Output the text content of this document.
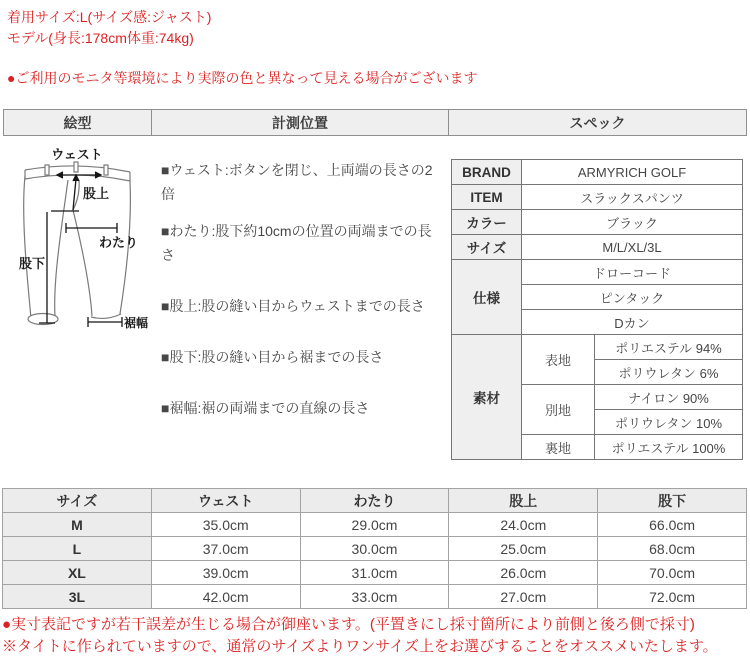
着用サイズ:L(サイズ感:ジャスト)
モデル(身長:178cm体重:74kg)
●ご利用のモニタ等環境により実際の色と異なって見える場合がございます
絵型	計測位置	スペック
ウェスト
股上
わたり
股下
裾幅

■ウェスト:ボタンを閉じ、上両端の長さの2倍

■わたり:股下約10cmの位置の両端までの長さ

■股上:股の縫い目からウェストまでの長さ

■股下:股の縫い目から裾までの長さ

■裾幅:裾の両端までの直線の長さ

BRAND	ARMYRICH GOLF	
ITEM	スラックスパンツ	
カラー	ブラック	
サイズ	M/L/XL/3L	
仕様	ドローコード	
	ピンタック	
	Dカン	
素材	表地	ポリエステル 94%
		ポリウレタン 6%
	別地	ナイロン 90%
		ポリウレタン 10%
	裏地	ポリエステル 100%
サイズ	ウェスト	わたり	股上	股下
M	35.0cm	29.0cm	24.0cm	66.0cm
L	37.0cm	30.0cm	25.0cm	68.0cm
XL	39.0cm	31.0cm	26.0cm	70.0cm
3L	42.0cm	33.0cm	27.0cm	72.0cm
●実寸表記ですが若干誤差が生じる場合が御座います。(平置きにし採寸箇所により前側と後ろ側で採寸)
※タイトに作られていますので、通常のサイズよりワンサイズ上をお選びすることをオススメいたします。
